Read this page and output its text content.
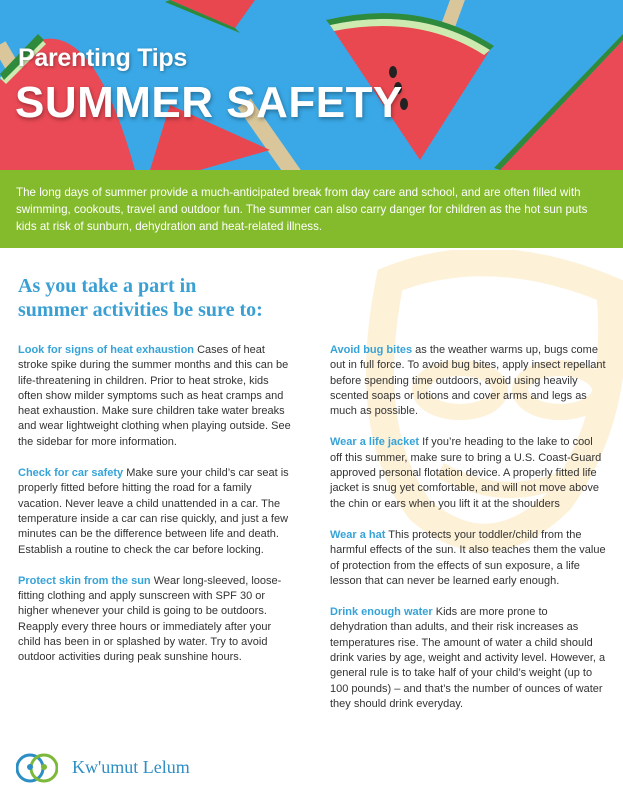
Parenting Tips
SUMMER SAFETY
The long days of summer provide a much-anticipated break from day care and school, and are often filled with swimming, cookouts, travel and outdoor fun. The summer can also carry danger for children as the hot sun puts kids at risk of sunburn, dehydration and heat-related illness.
As you take a part in
summer activities be sure to:

Look for signs of heat exhaustion Cases of heat stroke spike during the summer months and this can be life-threatening in children. Prior to heat stroke, kids often show milder symptoms such as heat cramps and heat exhaustion. Make sure children take water breaks and wear lightweight clothing when playing outside. See the sidebar for more information.

Check for car safety Make sure your child’s car seat is properly fitted before hitting the road for a family vacation. Never leave a child unattended in a car. The temperature inside a car can rise quickly, and just a few minutes can be the difference between life and death. Establish a routine to check the car before locking.

Protect skin from the sun Wear long-sleeved, loose-fitting clothing and apply sunscreen with SPF 30 or higher whenever your child is going to be outdoors. Reapply every three hours or immediately after your child has been in or splashed by water. Try to avoid outdoor activities during peak sunshine hours.

Avoid bug bites as the weather warms up, bugs come out in full force. To avoid bug bites, apply insect repellant before spending time outdoors, avoid using heavily scented soaps or lotions and cover arms and legs as much as possible.

Wear a life jacket If you’re heading to the lake to cool off this summer, make sure to bring a U.S. Coast-Guard approved personal flotation device. A properly fitted life jacket is snug yet comfortable, and will not move above the chin or ears when you lift it at the shoulders

Wear a hat This protects your toddler/child from the harmful effects of the sun. It also teaches them the value of protection from the effects of sun exposure, a life lesson that can never be learned early enough.

Drink enough water Kids are more prone to dehydration than adults, and their risk increases as temperatures rise. The amount of water a child should drink varies by age, weight and activity level. However, a general rule is to take half of your child’s weight (up to 100 pounds) – and that’s the number of ounces of water they should drink everyday.

Kw'umut Lelum
